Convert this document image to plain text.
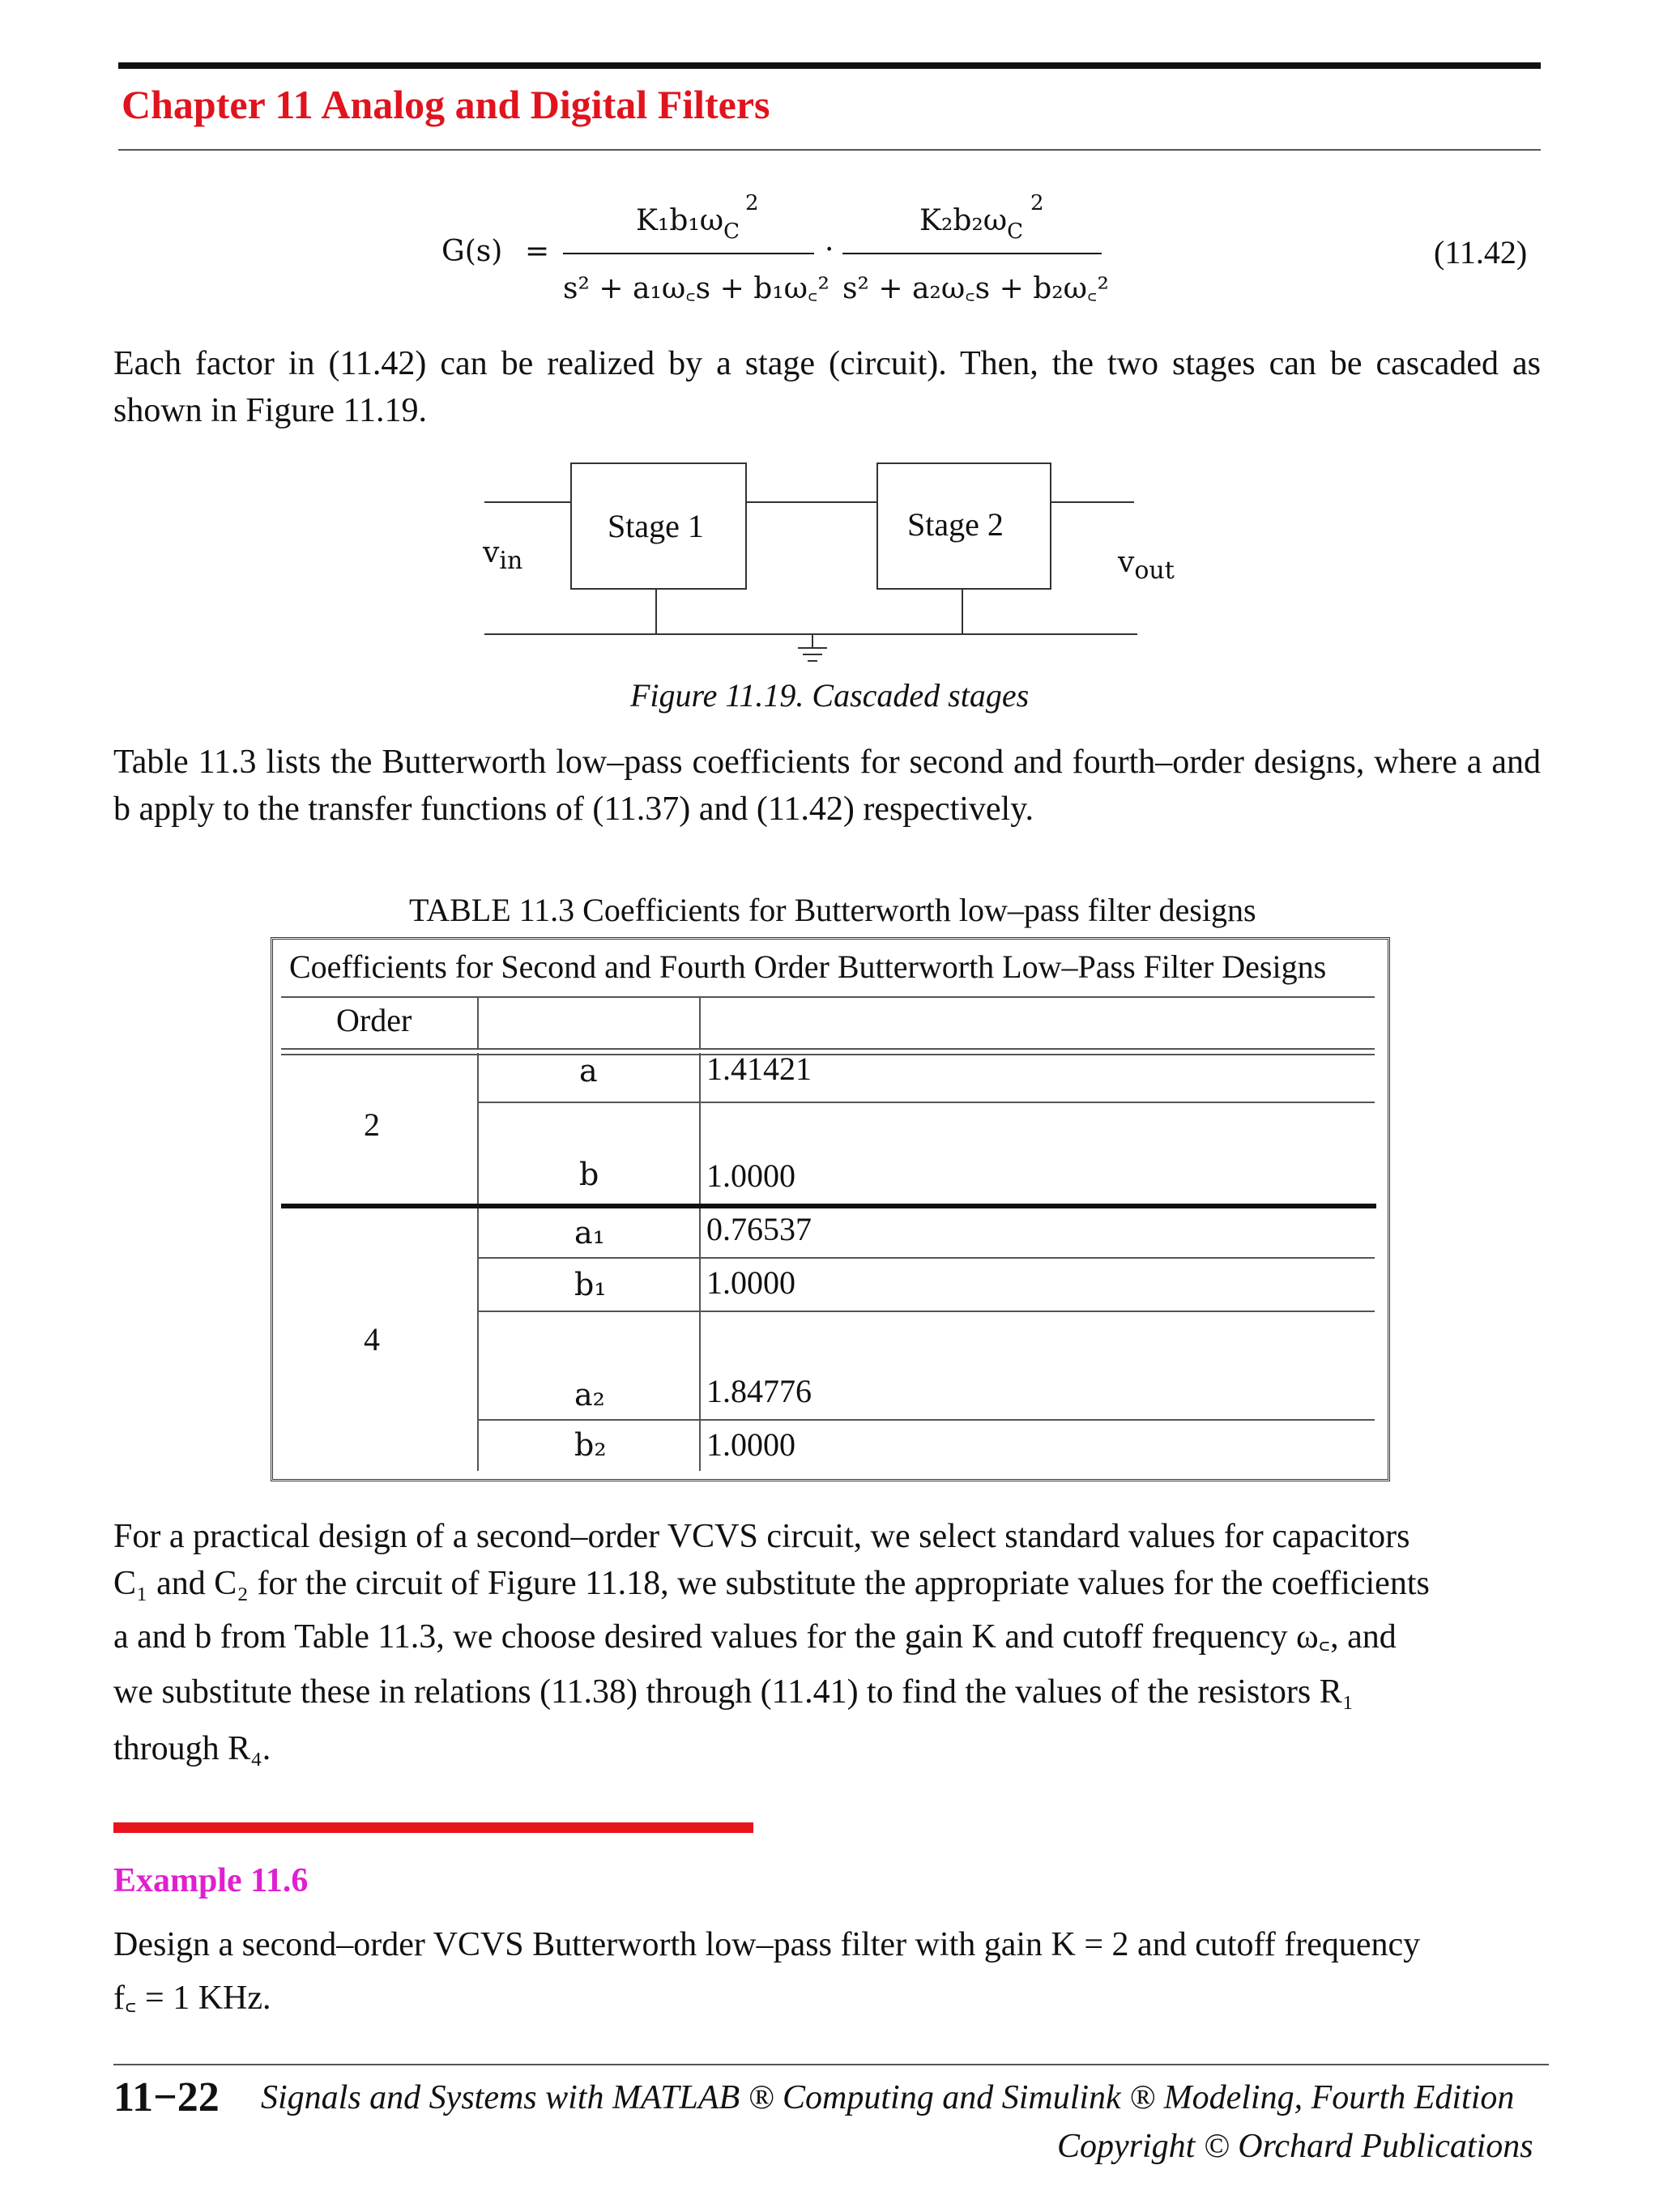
Chapter 11 Analog and Digital Filters
G(s) =
$K_1b_1\omega_C$
2
s² + a₁ω꜀s + b₁ω꜀²
·
$K_2b_2\omega_C$
2
s² + a₂ω꜀s + b₂ω꜀²
(11.42)
Each factor in (11.42) can be realized by a stage (circuit). Then, the two stages can be cascaded as shown in Figure 11.19.
Stage 1	Stage 2
$v_{in}$	$v_{out}$
Figure 11.19. Cascaded stages
Table 11.3 lists the Butterworth low–pass coefficients for second and fourth–order designs, where a and b apply to the transfer functions of (11.37) and (11.42) respectively.
TABLE 11.3 Coefficients for Butterworth low–pass filter designs
Coefficients for Second and Fourth Order Butterworth Low–Pass Filter Designs
Order
2
a	1.41421
b	1.0000
4
a₁	0.76537
b₁	1.0000
a₂	1.84776
b₂	1.0000
For a practical design of a second–order VCVS circuit, we select standard values for capacitors
C₁ and C₂ for the circuit of Figure 11.18, we substitute the appropriate values for the coefficients
a and b from Table 11.3, we choose desired values for the gain K and cutoff frequency ω꜀, and
we substitute these in relations (11.38) through (11.41) to find the values of the resistors R₁
through R₄.
Example 11.6
Design a second–order VCVS Butterworth low–pass filter with gain K = 2 and cutoff frequency
f꜀ = 1 KHz.
11−22 Signals and Systems with MATLAB ® Computing and Simulink ® Modeling, Fourth Edition
Copyright © Orchard Publications
